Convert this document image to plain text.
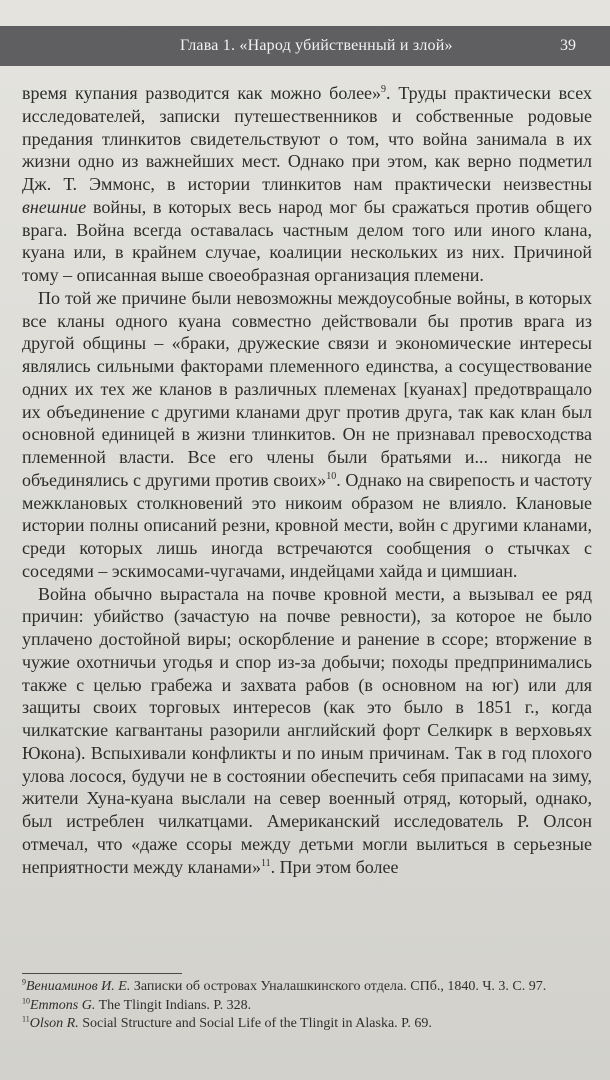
Глава 1. «Народ убийственный и злой»	39

время купания разводится как можно более»$^9$. Труды практически всех исследователей, записки путешественников и собственные родовые предания тлинкитов свидетельствуют о том, что война занимала в их жизни одно из важнейших мест. Однако при этом, как верно подметил Дж. Т. Эммонс, в истории тлинкитов нам практически неизвестны внешние войны, в которых весь народ мог бы сражаться против общего врага. Война всегда оставалась частным делом того или иного клана, куана или, в крайнем случае, коалиции нескольких из них. Причиной тому – описанная выше своеобразная организация племени.

По той же причине были невозможны междоусобные войны, в которых все кланы одного куана совместно действовали бы против врага из другой общины – «браки, дружеские связи и экономические интересы являлись сильными факторами племенного единства, а сосуществование одних их тех же кланов в различных племенах [куанах] предотвращало их объединение с другими кланами друг против друга, так как клан был основной единицей в жизни тлинкитов. Он не признавал превосходства племенной власти. Все его члены были братьями и... никогда не объединялись с другими против своих»$^{10}$. Однако на свирепость и частоту межклановых столкновений это никоим образом не влияло. Клановые истории полны описаний резни, кровной мести, войн с другими кланами, среди которых лишь иногда встречаются сообщения о стычках с соседями – эскимосами-чугачами, индейцами хайда и цимшиан.

Война обычно вырастала на почве кровной мести, а вызывал ее ряд причин: убийство (зачастую на почве ревности), за которое не было уплачено достойной виры; оскорбление и ранение в ссоре; вторжение в чужие охотничьи угодья и спор из-за добычи; походы предпринимались также с целью грабежа и захвата рабов (в основном на юг) или для защиты своих торговых интересов (как это было в 1851 г., когда чилкатские кагвантаны разорили английский форт Селкирк в верховьях Юкона). Вспыхивали конфликты и по иным причинам. Так в год плохого улова лосося, будучи не в состоянии обеспечить себя припасами на зиму, жители Хуна-куана выслали на север военный отряд, который, однако, был истреблен чилкатцами. Американский исследователь Р. Олсон отмечал, что «даже ссоры между детьми могли вылиться в серьезные неприятности между кланами»$^{11}$. При этом более

$^9$Вениаминов И. Е. Записки об островах Уналашкинского отдела. СПб., 1840. Ч. 3. С. 97.
$^{10}$Emmons G. The Tlingit Indians. P. 328.
$^{11}$Olson R. Social Structure and Social Life of the Tlingit in Alaska. P. 69.
